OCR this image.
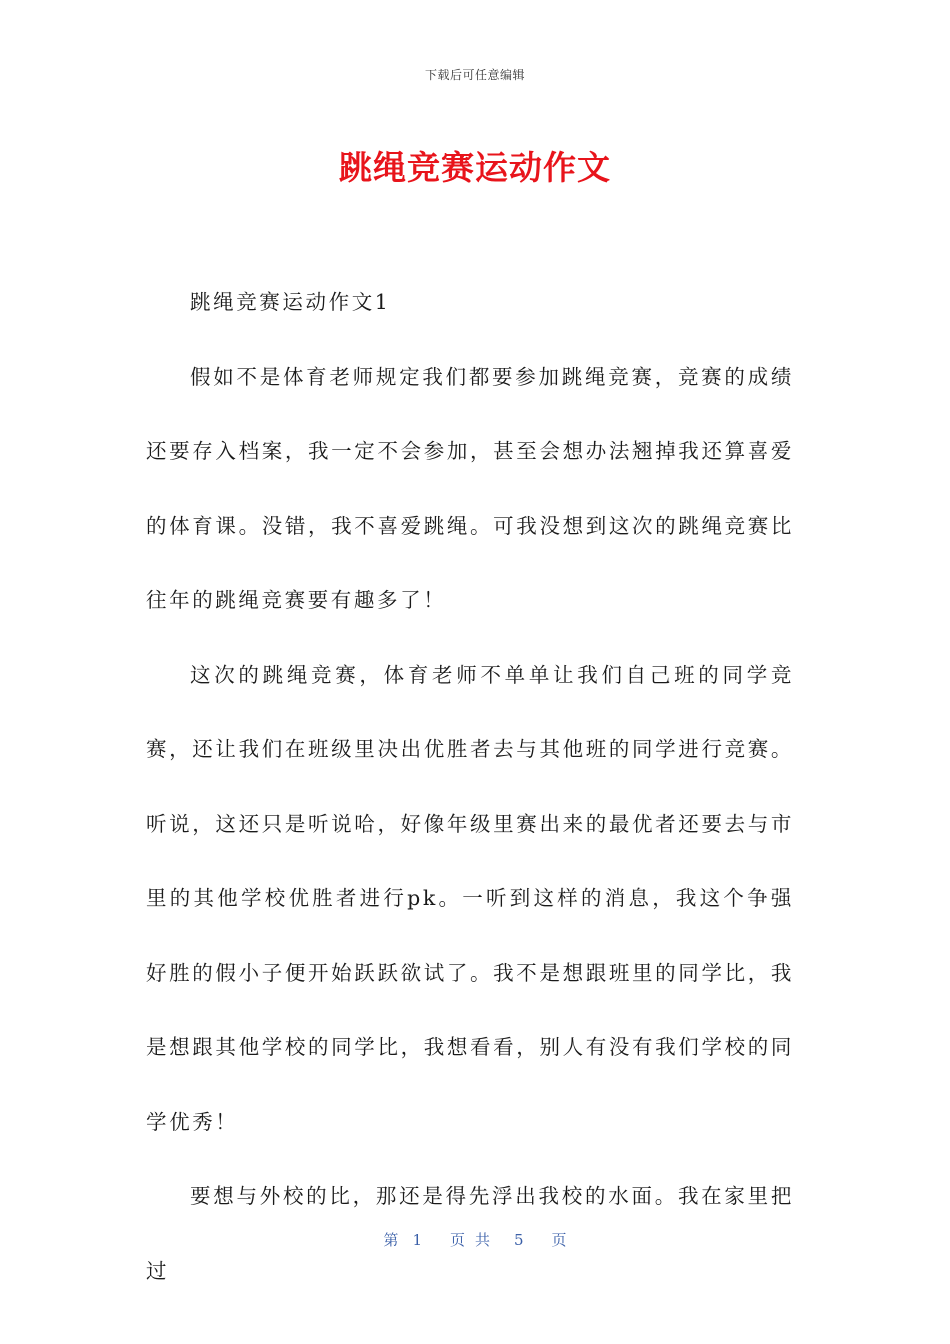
下载后可任意编辑
跳绳竞赛运动作文

跳绳竞赛运动作文1

假如不是体育老师规定我们都要参加跳绳竞赛，竞赛的成绩还要存入档案，我一定不会参加，甚至会想办法翘掉我还算喜爱的体育课。没错，我不喜爱跳绳。可我没想到这次的跳绳竞赛比往年的跳绳竞赛要有趣多了！

这次的跳绳竞赛，体育老师不单单让我们自己班的同学竞赛，还让我们在班级里决出优胜者去与其他班的同学进行竞赛。听说，这还只是听说哈，好像年级里赛出来的最优者还要去与市里的其他学校优胜者进行pk。一听到这样的消息，我这个争强好胜的假小子便开始跃跃欲试了。我不是想跟班里的同学比，我是想跟其他学校的同学比，我想看看，别人有没有我们学校的同学优秀！

要想与外校的比，那还是得先浮出我校的水面。我在家里把过

第 1 页共 5 页
